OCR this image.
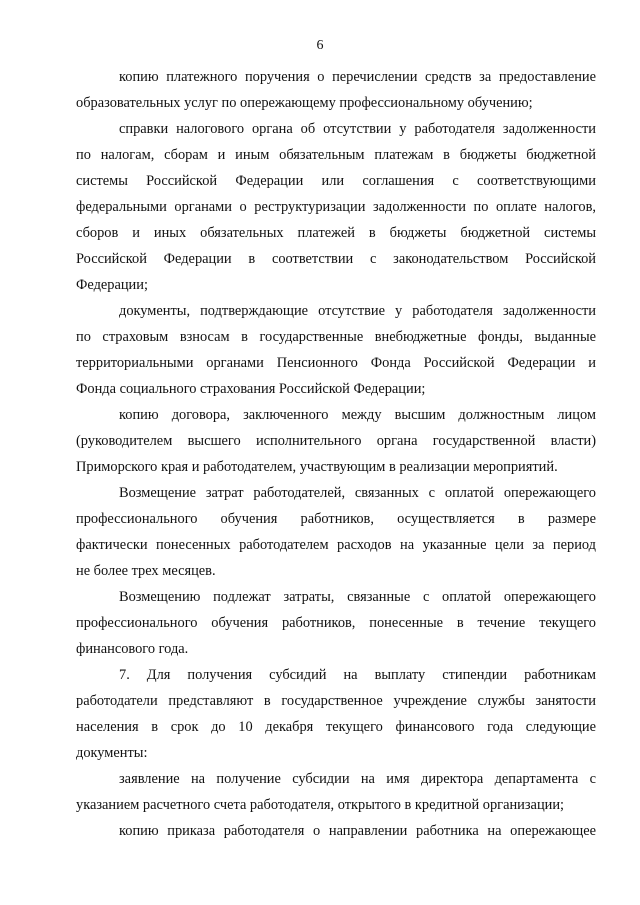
6

копию платежного поручения о перечислении средств за предоставление
образовательных услуг по опережающему профессиональному обучению;

справки налогового органа об отсутствии у работодателя задолженности
по налогам, сборам и иным обязательным платежам в бюджеты бюджетной
системы Российской Федерации или соглашения с соответствующими
федеральными органами о реструктуризации задолженности по оплате налогов,
сборов и иных обязательных платежей в бюджеты бюджетной системы
Российской Федерации в соответствии с законодательством Российской
Федерации;

документы, подтверждающие отсутствие у работодателя задолженности
по страховым взносам в государственные внебюджетные фонды, выданные
территориальными органами Пенсионного Фонда Российской Федерации и
Фонда социального страхования Российской Федерации;

копию договора, заключенного между высшим должностным лицом
(руководителем высшего исполнительного органа государственной власти)
Приморского края и работодателем, участвующим в реализации мероприятий.

Возмещение затрат работодателей, связанных с оплатой опережающего
профессионального обучения работников, осуществляется в размере
фактически понесенных работодателем расходов на указанные цели за период
не более трех месяцев.

Возмещению подлежат затраты, связанные с оплатой опережающего
профессионального обучения работников, понесенные в течение текущего
финансового года.

7. Для получения субсидий на выплату стипендии работникам
работодатели представляют в государственное учреждение службы занятости
населения в срок до 10 декабря текущего финансового года следующие
документы:

заявление на получение субсидии на имя директора департамента с
указанием расчетного счета работодателя, открытого в кредитной организации;

копию приказа работодателя о направлении работника на опережающее
